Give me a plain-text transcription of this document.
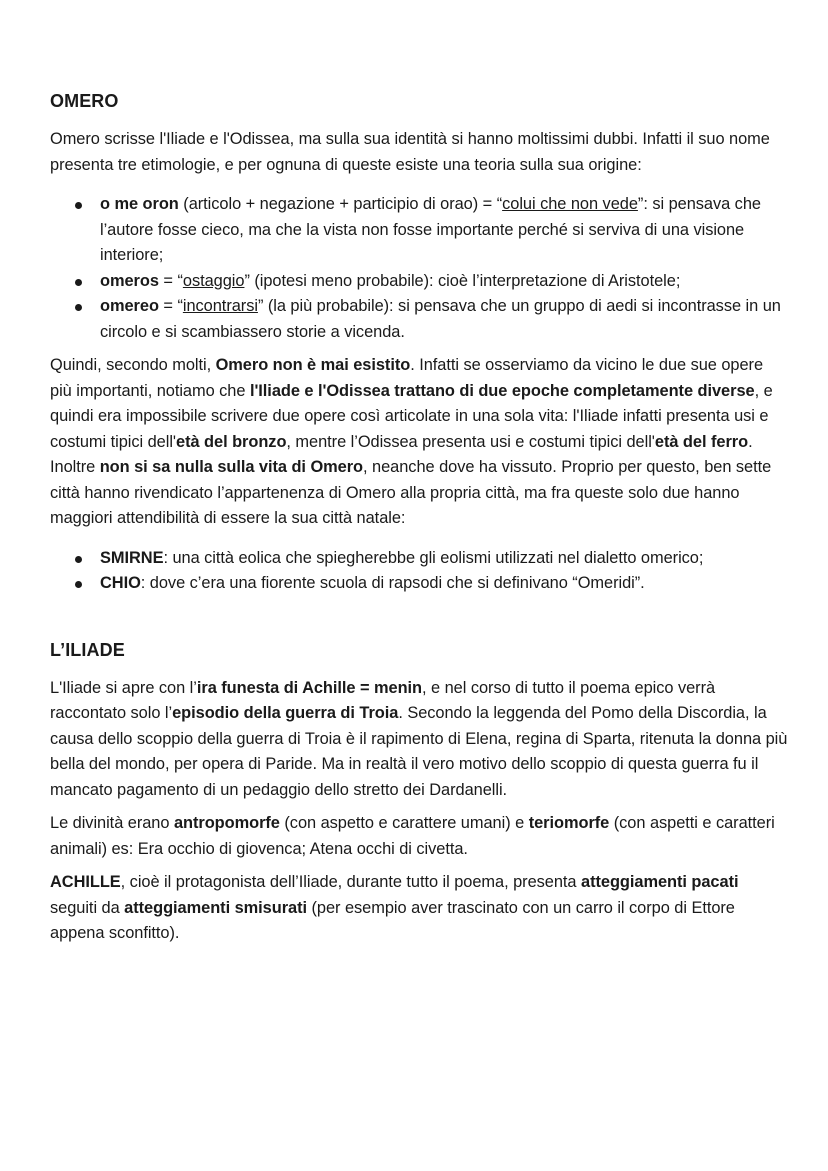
OMERO

Omero scrisse l'Iliade e l'Odissea, ma sulla sua identità si hanno moltissimi dubbi. Infatti il suo nome presenta tre etimologie, e per ognuna di queste esiste una teoria sulla sua origine:

o me oron (articolo + negazione + participio di orao) = “colui che non vede”: si pensava che l’autore fosse cieco, ma che la vista non fosse importante perché si serviva di una visione interiore;
omeros = “ostaggio” (ipotesi meno probabile): cioè l’interpretazione di Aristotele;
omereo = “incontrarsi” (la più probabile): si pensava che un gruppo di aedi si incontrasse in un circolo e si scambiassero storie a vicenda.

Quindi, secondo molti, Omero non è mai esistito. Infatti se osserviamo da vicino le due sue opere più importanti, notiamo che l'Iliade e l'Odissea trattano di due epoche completamente diverse, e quindi era impossibile scrivere due opere così articolate in una sola vita: l'Iliade infatti presenta usi e costumi tipici dell'età del bronzo, mentre l’Odissea presenta usi e costumi tipici dell'età del ferro. Inoltre non si sa nulla sulla vita di Omero, neanche dove ha vissuto. Proprio per questo, ben sette città hanno rivendicato l’appartenenza di Omero alla propria città, ma fra queste solo due hanno maggiori attendibilità di essere la sua città natale:

SMIRNE: una città eolica che spiegherebbe gli eolismi utilizzati nel dialetto omerico;
CHIO: dove c’era una fiorente scuola di rapsodi che si definivano “Omeridi”.
L’ILIADE

L'Iliade si apre con l’ira funesta di Achille = menin, e nel corso di tutto il poema epico verrà raccontato solo l’episodio della guerra di Troia. Secondo la leggenda del Pomo della Discordia, la causa dello scoppio della guerra di Troia è il rapimento di Elena, regina di Sparta, ritenuta la donna più bella del mondo, per opera di Paride. Ma in realtà il vero motivo dello scoppio di questa guerra fu il mancato pagamento di un pedaggio dello stretto dei Dardanelli.

Le divinità erano antropomorfe (con aspetto e carattere umani) e teriomorfe (con aspetti e caratteri animali) es: Era occhio di giovenca; Atena occhi di civetta.

ACHILLE, cioè il protagonista dell’Iliade, durante tutto il poema, presenta atteggiamenti pacati seguiti da atteggiamenti smisurati (per esempio aver trascinato con un carro il corpo di Ettore appena sconfitto).
